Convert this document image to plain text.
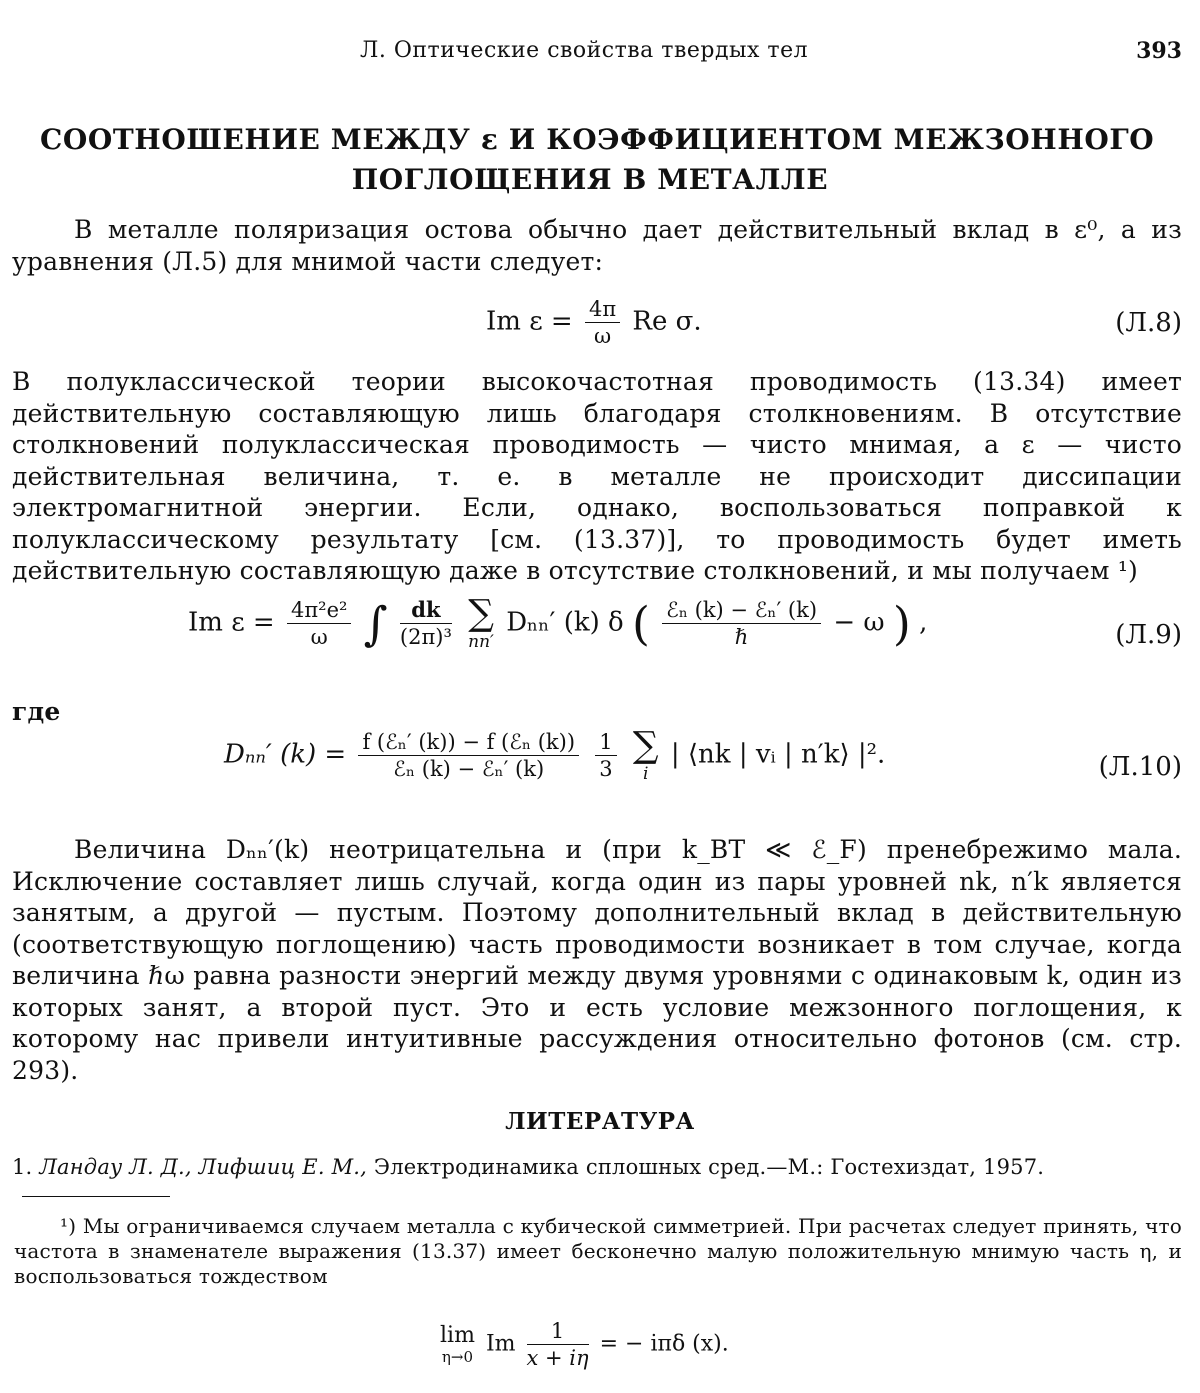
Л. Оптические свойства твердых тел	393
СООТНОШЕНИЕ МЕЖДУ ε И КОЭФФИЦИЕНТОМ МЕЖЗОННОГО
ПОГЛОЩЕНИЯ В МЕТАЛЛЕ

В металле поляризация остова обычно дает действительный вклад в ε⁰, а из уравнения (Л.5) для мнимой части следует:

Im $\varepsilon = \frac{4\pi}{\omega}$ Re σ.	(Л.8)

В полуклассической теории высокочастотная проводимость (13.34) имеет действительную составляющую лишь благодаря столкновениям. В отсутствие столкновений полуклассическая проводимость — чисто мнимая, а ε — чисто действительная величина, т. е. в металле не происходит диссипации электромагнитной энергии. Если, однако, воспользоваться поправкой к полуклассическому результату [см. (13.37)], то проводимость будет иметь действительную составляющую даже в отсутствие столкновений, и мы получаем ¹)

Im $\varepsilon = \frac{\text{4π²e²}}{\omega}$ ∫ $\frac{dk}{\text{(2π)³}}$
∑
nn′
Dₙₙ′ (k) δ ( $\frac{\text{ℰₙ (k) − ℰₙ′ (k)}}{\text{ℏ}} - \omega$ ) ,	(Л.9)
где
Dₙₙ′ $(k) = \frac{\text{f (ℰₙ′ (k)) − f (ℰₙ (k))}}{\text{ℰₙ (k) − ℰₙ′ (k)}}$
$\frac{1}{3}$
∑
i
| ⟨nk | vᵢ | n′k⟩ |².	(Л.10)

Величина Dₙₙ′(k) неотрицательна и (при k_BT ≪ ℰ_F) пренебрежимо мала. Исключение составляет лишь случай, когда один из пары уровней nk, n′k является занятым, а другой — пустым. Поэтому дополнительный вклад в действительную (соответствующую поглощению) часть проводимости возникает в том случае, когда величина ℏω равна разности энергий между двумя уровнями с одинаковым k, один из которых занят, а второй пуст. Это и есть условие межзонного поглощения, к которому нас привели интуитивные рассуждения относительно фотонов (см. стр. 293).

ЛИТЕРАТУРА
1. Ландау Л. Д., Лифшиц Е. М., Электродинамика сплошных сред.—М.: Гостехиздат, 1957.

¹) Мы ограничиваемся случаем металла с кубической симметрией. При расчетах следует принять, что частота в знаменателе выражения (13.37) имеет бесконечно малую положительную мнимую часть η, и воспользоваться тождеством

lim
η→0 Im $\frac{1}{x + i\eta}$ = − iπδ (x).
